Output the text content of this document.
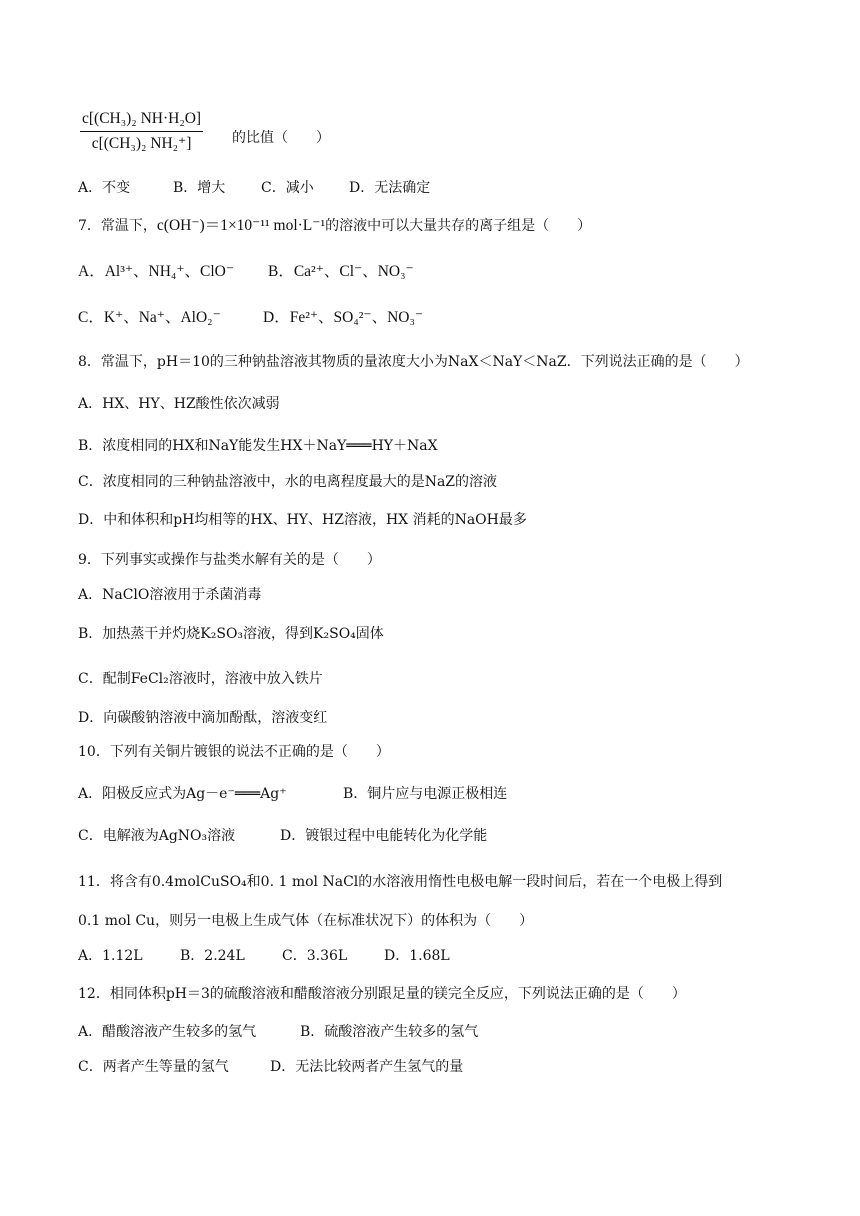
c[(CH₃)₂ NH·H₂O]
c[(CH₃)₂ NH₂⁺]	的比值（　　）
A．不变	B．增大	C．减小	D．无法确定
7．常温下，c(OH⁻)＝1×10⁻¹¹ mol·L⁻¹的溶液中可以大量共存的离子组是（　　）
A．Al³⁺、NH₄⁺、ClO⁻ B．Ca²⁺、Cl⁻、NO₃⁻
C．K⁺、Na⁺、AlO₂⁻	D．Fe²⁺、SO₄²⁻、NO₃⁻
8．常温下，pH＝10的三种钠盐溶液其物质的量浓度大小为NaX＜NaY＜NaZ．下列说法正确的是（　　）
A．HX、HY、HZ酸性依次减弱
B．浓度相同的HX和NaY能发生HX＋NaY═══HY＋NaX
C．浓度相同的三种钠盐溶液中，水的电离程度最大的是NaZ的溶液
D．中和体积和pH均相等的HX、HY、HZ溶液，HX 消耗的NaOH最多
9．下列事实或操作与盐类水解有关的是（　　）
A．NaClO溶液用于杀菌消毒
B．加热蒸干并灼烧K₂SO₃溶液，得到K₂SO₄固体
C．配制FeCl₂溶液时，溶液中放入铁片
D．向碳酸钠溶液中滴加酚酞，溶液变红
10．下列有关铜片镀银的说法不正确的是（　　）
A．阳极反应式为Ag－e⁻═══Ag⁺	B．铜片应与电源正极相连
C．电解液为AgNO₃溶液	D．镀银过程中电能转化为化学能
11．将含有0.4molCuSO₄和0. 1 mol NaCl的水溶液用惰性电极电解一段时间后，若在一个电极上得到
0.1 mol Cu，则另一电极上生成气体（在标准状况下）的体积为（　　）
A．1.12L	B．2.24L	C．3.36L	D．1.68L
12．相同体积pH＝3的硫酸溶液和醋酸溶液分别跟足量的镁完全反应，下列说法正确的是（　　）
A．醋酸溶液产生较多的氢气	B．硫酸溶液产生较多的氢气
C．两者产生等量的氢气	D．无法比较两者产生氢气的量
